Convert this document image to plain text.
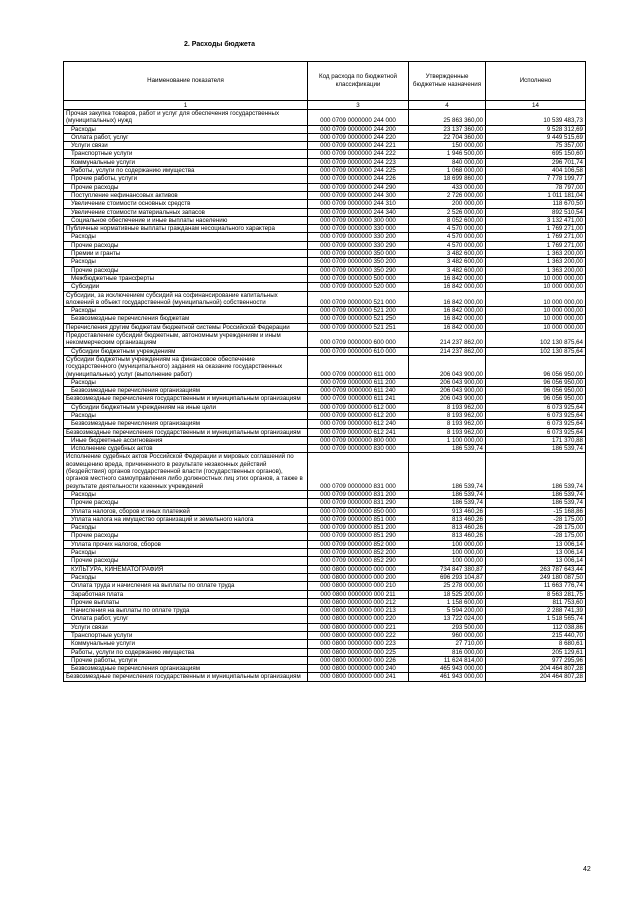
2. Расходы бюджета
Наименование показателя	Код расхода по бюджетной классификации	Утвержденные бюджетные назначения	Исполнено
1	3	4	14
Прочая закупка товаров, работ и услуг для обеспечения государственных (муниципальных) нужд	000 0709 0000000 244 000	25 863 360,00	10 539 483,73
Расходы	000 0709 0000000 244 200	23 137 360,00	9 528 312,69
Оплата работ, услуг	000 0709 0000000 244 220	22 704 360,00	9 449 515,69
Услуги связи	000 0709 0000000 244 221	150 000,00	75 357,00
Транспортные услуги	000 0709 0000000 244 222	1 946 500,00	695 150,60
Коммунальные услуги	000 0709 0000000 244 223	840 000,00	296 701,74
Работы, услуги по содержанию имущества	000 0709 0000000 244 225	1 068 000,00	404 106,58
Прочие работы, услуги	000 0709 0000000 244 226	18 699 860,00	7 778 199,77
Прочие расходы	000 0709 0000000 244 290	433 000,00	78 797,00
Поступление нефинансовых активов	000 0709 0000000 244 300	2 726 000,00	1 011 181,04
Увеличение стоимости основных средств	000 0709 0000000 244 310	200 000,00	118 670,50
Увеличение стоимости материальных запасов	000 0709 0000000 244 340	2 526 000,00	892 510,54
Социальное обеспечение и иные выплаты населению	000 0709 0000000 300 000	8 052 600,00	3 132 471,00
Публичные нормативные выплаты гражданам несоциального характера	000 0709 0000000 330 000	4 570 000,00	1 769 271,00
Расходы	000 0709 0000000 330 200	4 570 000,00	1 769 271,00
Прочие расходы	000 0709 0000000 330 290	4 570 000,00	1 769 271,00
Премии и гранты	000 0709 0000000 350 000	3 482 600,00	1 363 200,00
Расходы	000 0709 0000000 350 200	3 482 600,00	1 363 200,00
Прочие расходы	000 0709 0000000 350 290	3 482 600,00	1 363 200,00
Межбюджетные трансферты	000 0709 0000000 500 000	16 842 000,00	10 000 000,00
Субсидии	000 0709 0000000 520 000	16 842 000,00	10 000 000,00
Субсидии, за исключением субсидий на софинансирование капитальных вложений в объект государственной (муниципальной) собственности	000 0709 0000000 521 000	16 842 000,00	10 000 000,00
Расходы	000 0709 0000000 521 200	16 842 000,00	10 000 000,00
Безвозмездные перечисления бюджетам	000 0709 0000000 521 250	16 842 000,00	10 000 000,00
Перечисления другим бюджетам бюджетной системы Российской Федерации	000 0709 0000000 521 251	16 842 000,00	10 000 000,00
Предоставление субсидий бюджетным, автономным учреждениям и иным некоммерческим организациям	000 0709 0000000 600 000	214 237 862,00	102 130 875,64
Субсидии бюджетным учреждениям	000 0709 0000000 610 000	214 237 862,00	102 130 875,64
Субсидии бюджетным учреждениям на финансовое обеспечение государственного (муниципального) задания на оказание государственных (муниципальных) услуг (выполнение работ)	000 0709 0000000 611 000	206 043 900,00	96 056 950,00
Расходы	000 0709 0000000 611 200	206 043 900,00	96 056 950,00
Безвозмездные перечисления организациям	000 0709 0000000 611 240	206 043 900,00	96 056 950,00
Безвозмездные перечисления государственным и муниципальным организациям	000 0709 0000000 611 241	206 043 900,00	96 056 950,00
Субсидии бюджетным учреждениям на иные цели	000 0709 0000000 612 000	8 193 962,00	6 073 925,64
Расходы	000 0709 0000000 612 200	8 193 962,00	6 073 925,64
Безвозмездные перечисления организациям	000 0709 0000000 612 240	8 193 962,00	6 073 925,64
Безвозмездные перечисления государственным и муниципальным организациям	000 0709 0000000 612 241	8 193 962,00	6 073 925,64
Иные бюджетные ассигнования	000 0709 0000000 800 000	1 100 000,00	171 370,88
Исполнение судебных актов	000 0709 0000000 830 000	186 539,74	186 539,74
Исполнение судебных актов Российской Федерации и мировых соглашений по возмещению вреда, причиненного в результате незаконных действий (бездействия) органов государственной власти (государственных органов), органов местного самоуправления либо должностных лиц этих органов, а также в результате деятельности казенных учреждений	000 0709 0000000 831 000	186 539,74	186 539,74
Расходы	000 0709 0000000 831 200	186 539,74	186 539,74
Прочие расходы	000 0709 0000000 831 290	186 539,74	186 539,74
Уплата налогов, сборов и иных платежей	000 0709 0000000 850 000	913 460,26	-15 168,86
Уплата налога на имущество организаций и земельного налога	000 0709 0000000 851 000	813 460,26	-28 175,00
Расходы	000 0709 0000000 851 200	813 460,26	-28 175,00
Прочие расходы	000 0709 0000000 851 290	813 460,26	-28 175,00
Уплата прочих налогов, сборов	000 0709 0000000 852 000	100 000,00	13 006,14
Расходы	000 0709 0000000 852 200	100 000,00	13 006,14
Прочие расходы	000 0709 0000000 852 290	100 000,00	13 006,14
КУЛЬТУРА, КИНЕМАТОГРАФИЯ	000 0800 0000000 000 000	734 847 380,87	263 787 643,44
Расходы	000 0800 0000000 000 200	696 293 104,87	249 180 087,50
Оплата труда и начисления на выплаты по оплате труда	000 0800 0000000 000 210	25 278 000,00	11 663 776,74
Заработная плата	000 0800 0000000 000 211	18 525 200,00	8 563 281,75
Прочие выплаты	000 0800 0000000 000 212	1 158 600,00	811 753,60
Начисления на выплаты по оплате труда	000 0800 0000000 000 213	5 594 200,00	2 288 741,39
Оплата работ, услуг	000 0800 0000000 000 220	13 722 024,00	1 518 565,74
Услуги связи	000 0800 0000000 000 221	293 500,00	112 038,86
Транспортные услуги	000 0800 0000000 000 222	960 000,00	215 440,70
Коммунальные услуги	000 0800 0000000 000 223	27 710,00	8 680,61
Работы, услуги по содержанию имущества	000 0800 0000000 000 225	816 000,00	205 129,61
Прочие работы, услуги	000 0800 0000000 000 226	11 624 814,00	977 295,96
Безвозмездные перечисления организациям	000 0800 0000000 000 240	465 943 000,00	204 464 807,28
Безвозмездные перечисления государственным и муниципальным организациям	000 0800 0000000 000 241	461 943 000,00	204 464 807,28
42
